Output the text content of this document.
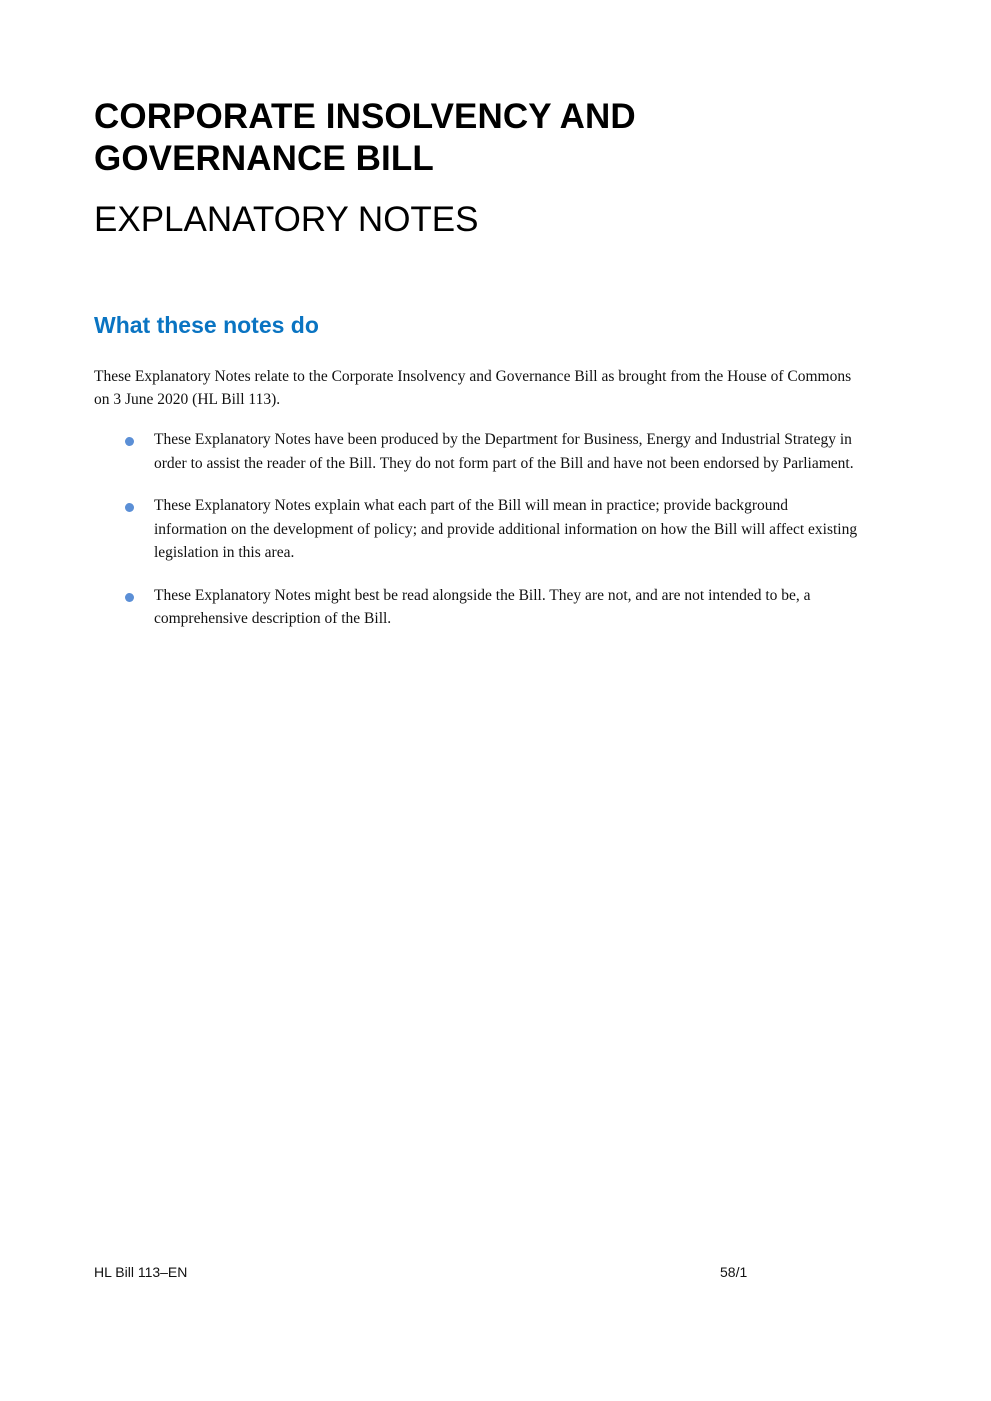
CORPORATE INSOLVENCY AND GOVERNANCE BILL
EXPLANATORY NOTES
What these notes do

These Explanatory Notes relate to the Corporate Insolvency and Governance Bill as brought from the House of Commons on 3 June 2020 (HL Bill 113).

These Explanatory Notes have been produced by the Department for Business, Energy and Industrial Strategy in order to assist the reader of the Bill. They do not form part of the Bill and have not been endorsed by Parliament.
These Explanatory Notes explain what each part of the Bill will mean in practice; provide background information on the development of policy; and provide additional information on how the Bill will affect existing legislation in this area.
These Explanatory Notes might best be read alongside the Bill. They are not, and are not intended to be, a comprehensive description of the Bill.
HL Bill 113–EN	58/1
